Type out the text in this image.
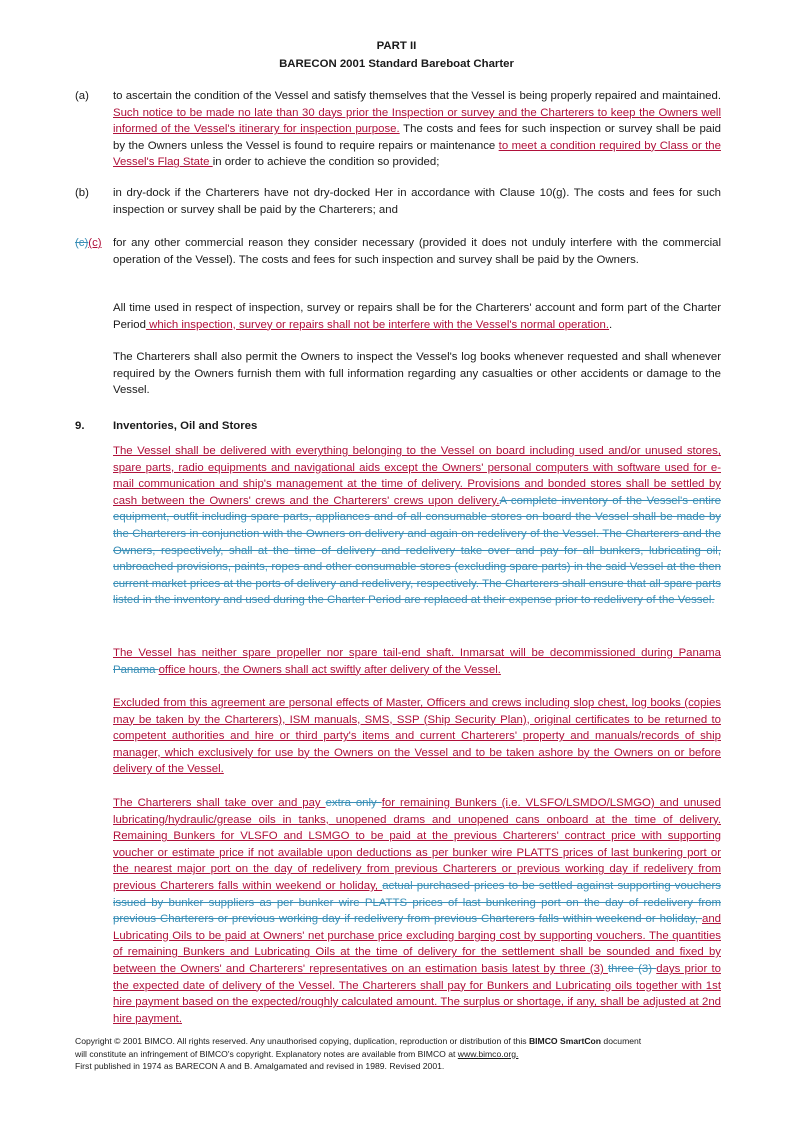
PART II
BARECON 2001 Standard Bareboat Charter
(a) to ascertain the condition of the Vessel and satisfy themselves that the Vessel is being properly repaired and maintained. Such notice to be made no late than 30 days prior the Inspection or survey and the Charterers to keep the Owners well informed of the Vessel's itinerary for inspection purpose. The costs and fees for such inspection or survey shall be paid by the Owners unless the Vessel is found to require repairs or maintenance to meet a condition required by Class or the Vessel's Flag State in order to achieve the condition so provided;

(b) in dry-dock if the Charterers have not dry-docked Her in accordance with Clause 10(g). The costs and fees for such inspection or survey shall be paid by the Charterers; and

(c)(c) for any other commercial reason they consider necessary (provided it does not unduly interfere with the commercial operation of the Vessel). The costs and fees for such inspection and survey shall be paid by the Owners.

All time used in respect of inspection, survey or repairs shall be for the Charterers' account and form part of the Charter Period which inspection, survey or repairs shall not be interfere with the Vessel's normal operation..

The Charterers shall also permit the Owners to inspect the Vessel's log books whenever requested and shall whenever required by the Owners furnish them with full information regarding any casualties or other accidents or damage to the Vessel.

9.	Inventories, Oil and Stores

The Vessel shall be delivered with everything belonging to the Vessel on board including used and/or unused stores, spare parts, radio equipments and navigational aids except the Owners' personal computers with software used for e-mail communication and ship's management at the time of delivery. Provisions and bonded stores shall be settled by cash between the Owners' crews and the Charterers' crews upon delivery.A complete inventory of the Vessel's entire equipment, outfit including spare parts, appliances and of all consumable stores on board the Vessel shall be made by the Charterers in conjunction with the Owners on delivery and again on redelivery of the Vessel. The Charterers and the Owners, respectively, shall at the time of delivery and redelivery take over and pay for all bunkers, lubricating oil, unbroached provisions, paints, ropes and other consumable stores (excluding spare parts) in the said Vessel at the then current market prices at the ports of delivery and redelivery, respectively. The Charterers shall ensure that all spare parts listed in the inventory and used during the Charter Period are replaced at their expense prior to redelivery of the Vessel.

The Vessel has neither spare propeller nor spare tail-end shaft. Inmarsat will be decommissioned during Panama Panama office hours, the Owners shall act swiftly after delivery of the Vessel.

Excluded from this agreement are personal effects of Master, Officers and crews including slop chest, log books (copies may be taken by the Charterers), ISM manuals, SMS, SSP (Ship Security Plan), original certificates to be returned to competent authorities and hire or third party's items and current Charterers' property and manuals/records of ship manager, which exclusively for use by the Owners on the Vessel and to be taken ashore by the Owners on or before delivery of the Vessel.

The Charterers shall take over and pay extra only for remaining Bunkers (i.e. VLSFO/LSMDO/LSMGO) and unused lubricating/hydraulic/grease oils in tanks, unopened drams and unopened cans onboard at the time of delivery. Remaining Bunkers for VLSFO and LSMGO to be paid at the previous Charterers' contract price with supporting voucher or estimate price if not available upon deductions as per bunker wire PLATTS prices of last bunkering port or the nearest major port on the day of redelivery from previous Charterers or previous working day if redelivery from previous Charterers falls within weekend or holiday, actual purchased prices to be settled against supporting vouchers issued by bunker suppliers as per bunker wire PLATTS prices of last bunkering port on the day of redelivery from previous Charterers or previous working day if redelivery from previous Charterers falls within weekend or holiday, and Lubricating Oils to be paid at Owners' net purchase price excluding barging cost by supporting vouchers. The quantities of remaining Bunkers and Lubricating Oils at the time of delivery for the settlement shall be sounded and fixed by between the Owners' and Charterers' representatives on an estimation basis latest by three (3) three (3) days prior to the expected date of delivery of the Vessel. The Charterers shall pay for Bunkers and Lubricating oils together with 1st hire payment based on the expected/roughly calculated amount. The surplus or shortage, if any, shall be adjusted at 2nd hire payment.

Copyright © 2001 BIMCO. All rights reserved. Any unauthorised copying, duplication, reproduction or distribution of this BIMCO SmartCon document
will constitute an infringement of BIMCO's copyright. Explanatory notes are available from BIMCO at www.bimco.org.
First published in 1974 as BARECON A and B. Amalgamated and revised in 1989. Revised 2001.
